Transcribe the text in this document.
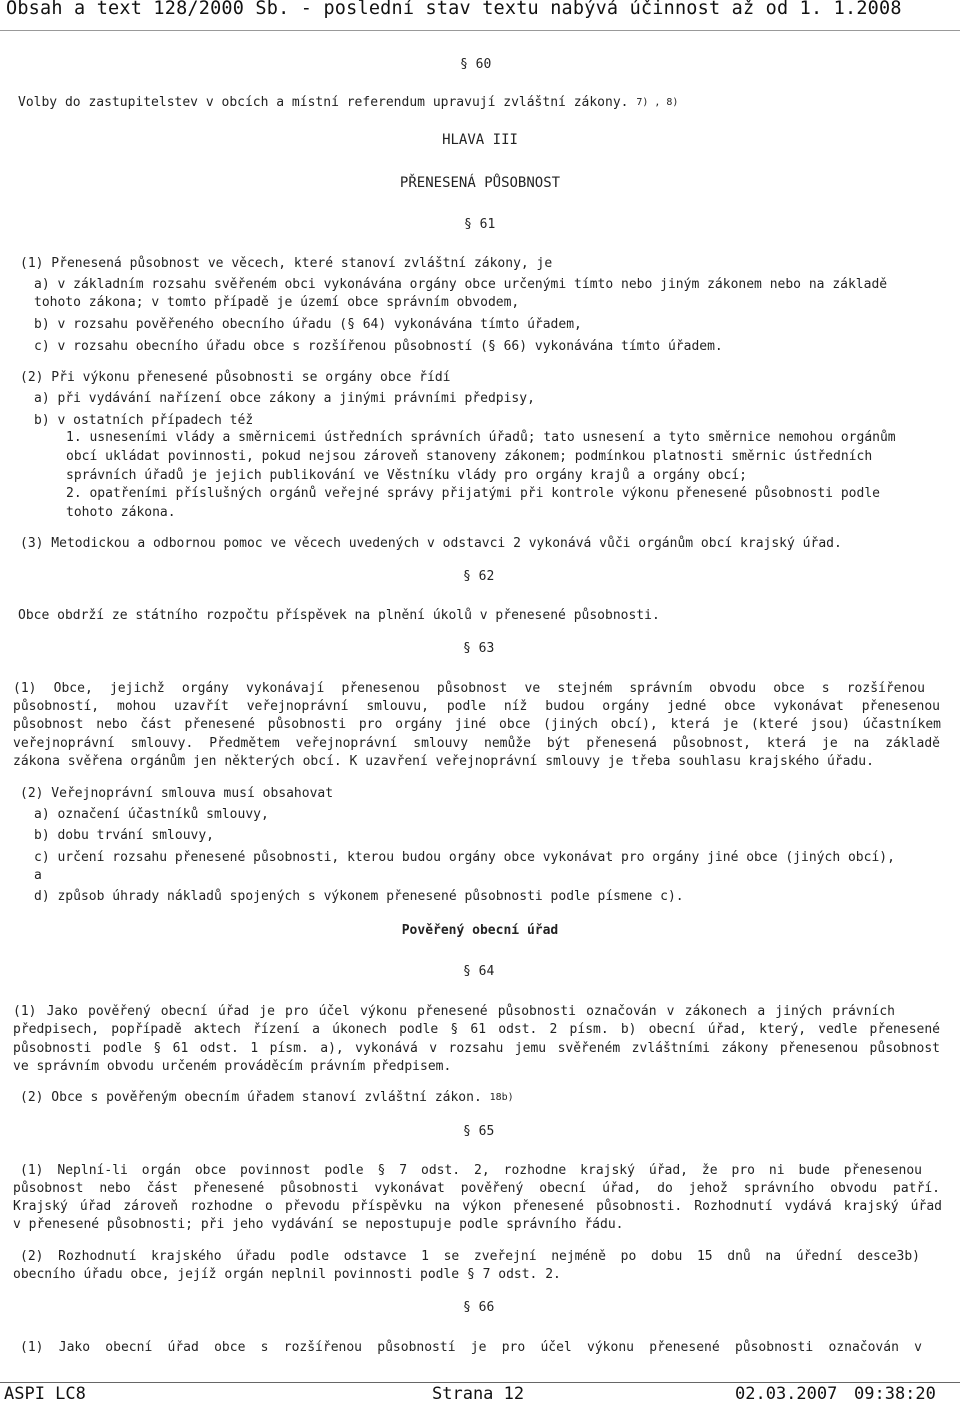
Obsah a text 128/2000 Sb. - poslední stav textu nabývá účinnost až od 1. 1.2008
§ 60
Volby do zastupitelstev v obcích a místní referendum upravují zvláštní zákony. 7) , 8)
HLAVA III
PŘENESENÁ PŮSOBNOST
§ 61
(1) Přenesená působnost ve věcech, které stanoví zvláštní zákony, je
a) v základním rozsahu svěřeném obci vykonávána orgány obce určenými tímto nebo jiným zákonem nebo na základě
tohoto zákona; v tomto případě je území obce správním obvodem,
b) v rozsahu pověřeného obecního úřadu (§ 64) vykonávána tímto úřadem,
c) v rozsahu obecního úřadu obce s rozšířenou působností (§ 66) vykonávána tímto úřadem.
(2) Při výkonu přenesené působnosti se orgány obce řídí
a) při vydávání nařízení obce zákony a jinými právními předpisy,
b) v ostatních případech též
1. usneseními vlády a směrnicemi ústředních správních úřadů; tato usnesení a tyto směrnice nemohou orgánům
obcí ukládat povinnosti, pokud nejsou zároveň stanoveny zákonem; podmínkou platnosti směrnic ústředních
správních úřadů je jejich publikování ve Věstníku vlády pro orgány krajů a orgány obcí;
2. opatřeními příslušných orgánů veřejné správy přijatými při kontrole výkonu přenesené působnosti podle
tohoto zákona.
(3) Metodickou a odbornou pomoc ve věcech uvedených v odstavci 2 vykonává vůči orgánům obcí krajský úřad.
§ 62
Obce obdrží ze státního rozpočtu příspěvek na plnění úkolů v přenesené působnosti.
§ 63
(1) Obce, jejichž orgány vykonávají přenesenou působnost ve stejném správním obvodu obce s rozšířenou
působností, mohou uzavřít veřejnoprávní smlouvu, podle níž budou orgány jedné obce vykonávat přenesenou
působnost nebo část přenesené působnosti pro orgány jiné obce (jiných obcí), která je (které jsou) účastníkem
veřejnoprávní smlouvy. Předmětem veřejnoprávní smlouvy nemůže být přenesená působnost, která je na základě
zákona svěřena orgánům jen některých obcí. K uzavření veřejnoprávní smlouvy je třeba souhlasu krajského úřadu.
(2) Veřejnoprávní smlouva musí obsahovat
a) označení účastníků smlouvy,
b) dobu trvání smlouvy,
c) určení rozsahu přenesené působnosti, kterou budou orgány obce vykonávat pro orgány jiné obce (jiných obcí),
a
d) způsob úhrady nákladů spojených s výkonem přenesené působnosti podle písmene c).
Pověřený obecní úřad
§ 64
(1) Jako pověřený obecní úřad je pro účel výkonu přenesené působnosti označován v zákonech a jiných právních
předpisech, popřípadě aktech řízení a úkonech podle § 61 odst. 2 písm. b) obecní úřad, který, vedle přenesené
působnosti podle § 61 odst. 1 písm. a), vykonává v rozsahu jemu svěřeném zvláštními zákony přenesenou působnost
ve správním obvodu určeném prováděcím právním předpisem.
(2) Obce s pověřeným obecním úřadem stanoví zvláštní zákon. 18b)
§ 65
(1) Neplní-li orgán obce povinnost podle § 7 odst. 2, rozhodne krajský úřad, že pro ni bude přenesenou
působnost nebo část přenesené působnosti vykonávat pověřený obecní úřad, do jehož správního obvodu patří.
Krajský úřad zároveň rozhodne o převodu příspěvku na výkon přenesené působnosti. Rozhodnutí vydává krajský úřad
v přenesené působnosti; při jeho vydávání se nepostupuje podle správního řádu.
(2) Rozhodnutí krajského úřadu podle odstavce 1 se zveřejní nejméně po dobu 15 dnů na úřední desce3b)
obecního úřadu obce, jejíž orgán neplnil povinnosti podle § 7 odst. 2.
§ 66
(1) Jako obecní úřad obce s rozšířenou působností je pro účel výkonu přenesené působnosti označován v
ASPI LC8	Strana 12	02.03.2007 09:38:20
